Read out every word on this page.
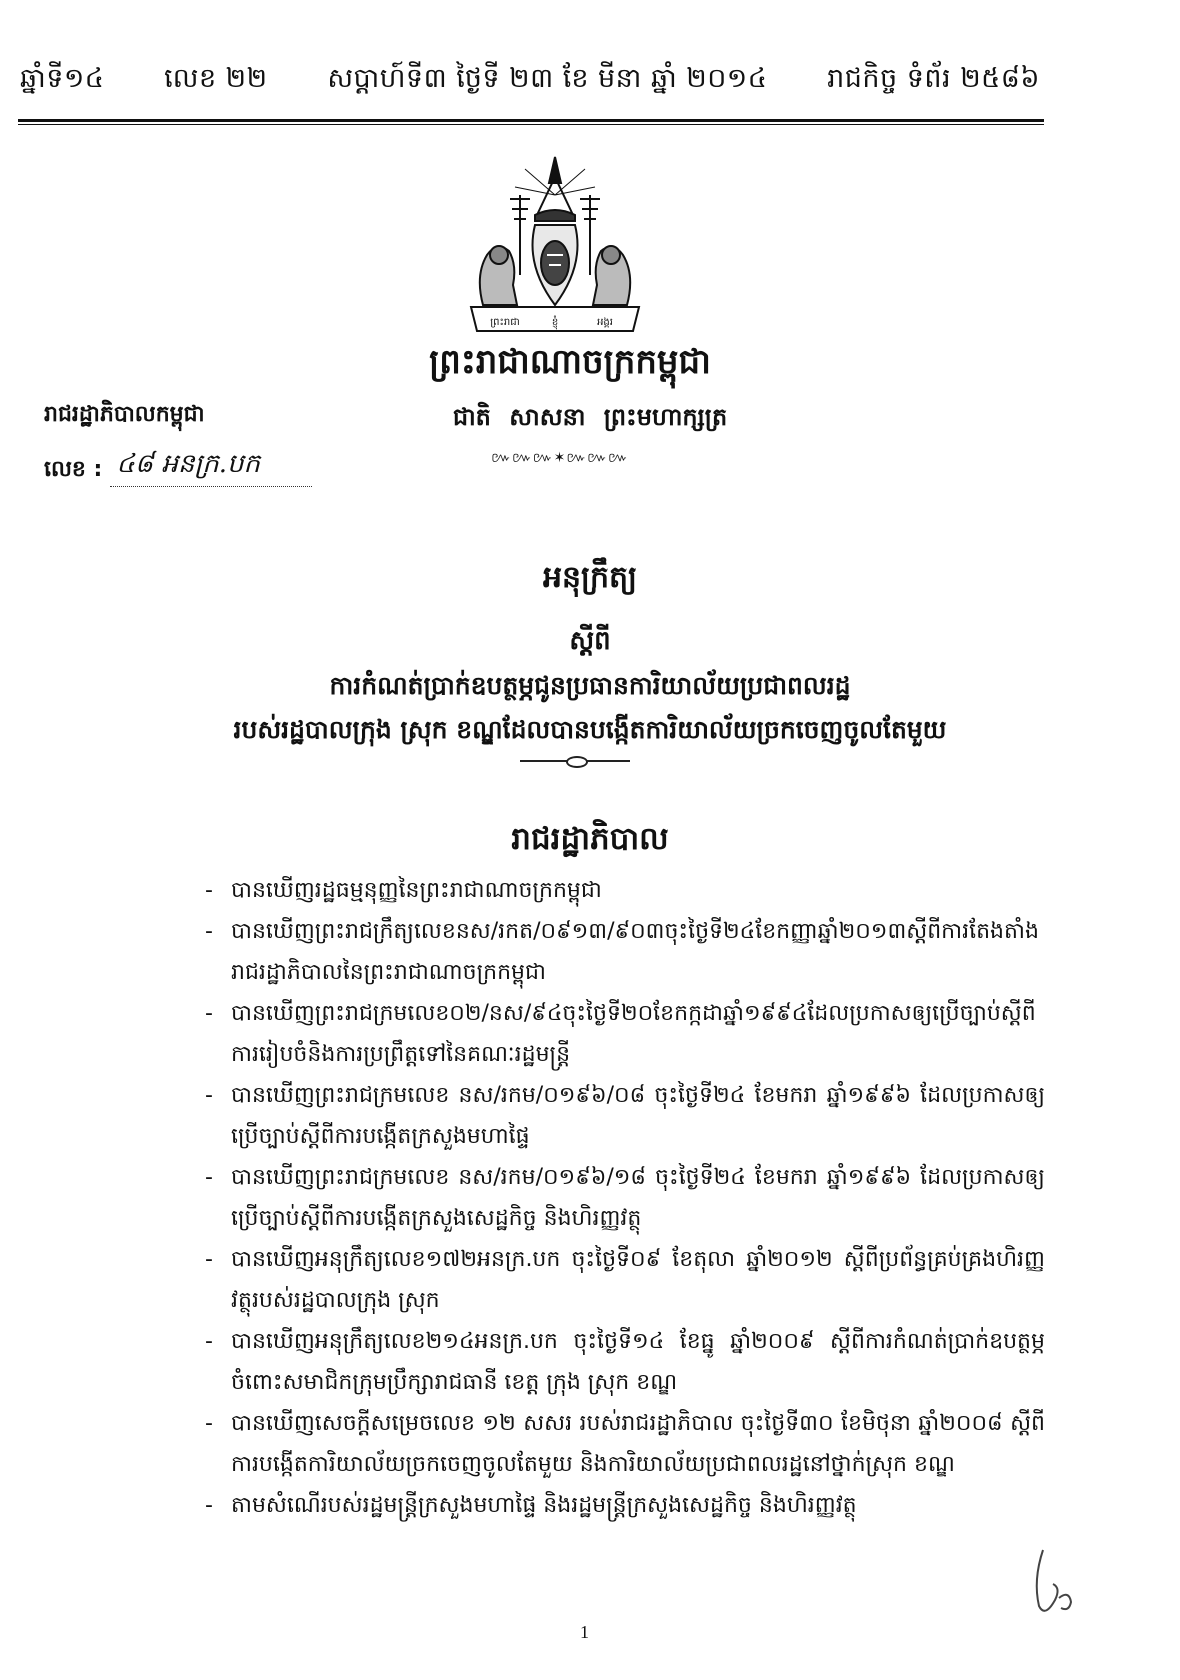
ឆ្នាំទី១៤ លេខ ២២ សប្តាហ៍ទី៣ ថ្ងៃទី ២៣ ខែ មីនា ឆ្នាំ ២០១៤ រាជកិច្ច ទំព័រ ២៥៨៦
ព្រះរាជា	ខ្ញុំ	អង្គរ
ព្រះរាជាណាចក្រកម្ពុជា
ជាតិ សាសនា ព្រះមហាក្សត្រ
៚៚៚✶៚៚៚
រាជរដ្ឋាភិបាលកម្ពុជា
លេខ : ៤៨ អនក្រ.បក
អនុក្រឹត្យ
ស្តីពី
ការកំណត់ប្រាក់ឧបត្ថម្ភជូនប្រធានការិយាល័យប្រជាពលរដ្ឋ
របស់រដ្ឋបាលក្រុង ស្រុក ខណ្ឌដែលបានបង្កើតការិយាល័យច្រកចេញចូលតែមួយ
រាជរដ្ឋាភិបាល
- បានឃើញរដ្ឋធម្មនុញ្ញនៃព្រះរាជាណាចក្រកម្ពុជា
- បានឃើញព្រះរាជក្រឹត្យលេខនស/រកត/០៩១៣/៩០៣ចុះថ្ងៃទី២៤ខែកញ្ញាឆ្នាំ២០១៣ស្តីពីការតែងតាំងរាជរដ្ឋាភិបាលនៃព្រះរាជាណាចក្រកម្ពុជា
- បានឃើញព្រះរាជក្រមលេខ០២/នស/៩៤ចុះថ្ងៃទី២០ខែកក្កដាឆ្នាំ១៩៩៤ដែលប្រកាសឲ្យប្រើច្បាប់ស្តីពីការរៀបចំនិងការប្រព្រឹត្តទៅនៃគណៈរដ្ឋមន្ត្រី
- បានឃើញព្រះរាជក្រមលេខ នស/រកម/០១៩៦/០៨ ចុះថ្ងៃទី២៤ ខែមករា ឆ្នាំ១៩៩៦ ដែលប្រកាសឲ្យប្រើច្បាប់ស្តីពីការបង្កើតក្រសួងមហាផ្ទៃ
- បានឃើញព្រះរាជក្រមលេខ នស/រកម/០១៩៦/១៨ ចុះថ្ងៃទី២៤ ខែមករា ឆ្នាំ១៩៩៦ ដែលប្រកាសឲ្យប្រើច្បាប់ស្តីពីការបង្កើតក្រសួងសេដ្ឋកិច្ច និងហិរញ្ញវត្ថុ
- បានឃើញអនុក្រឹត្យលេខ១៧២អនក្រ.បក ចុះថ្ងៃទី០៩ ខែតុលា ឆ្នាំ២០១២ ស្តីពីប្រព័ន្ធគ្រប់គ្រងហិរញ្ញវត្ថុរបស់រដ្ឋបាលក្រុង ស្រុក
- បានឃើញអនុក្រឹត្យលេខ២១៤អនក្រ.បក ចុះថ្ងៃទី១៤ ខែធ្នូ ឆ្នាំ២០០៩ ស្តីពីការកំណត់ប្រាក់ឧបត្ថម្ភចំពោះសមាជិកក្រុមប្រឹក្សារាជធានី ខេត្ត ក្រុង ស្រុក ខណ្ឌ
- បានឃើញសេចក្តីសម្រេចលេខ ១២ សសរ របស់រាជរដ្ឋាភិបាល ចុះថ្ងៃទី៣០ ខែមិថុនា ឆ្នាំ២០០៨ ស្តីពីការបង្កើតការិយាល័យច្រកចេញចូលតែមួយ និងការិយាល័យប្រជាពលរដ្ឋនៅថ្នាក់ស្រុក ខណ្ឌ
- តាមសំណើរបស់រដ្ឋមន្ត្រីក្រសួងមហាផ្ទៃ និងរដ្ឋមន្ត្រីក្រសួងសេដ្ឋកិច្ច និងហិរញ្ញវត្ថុ
1
